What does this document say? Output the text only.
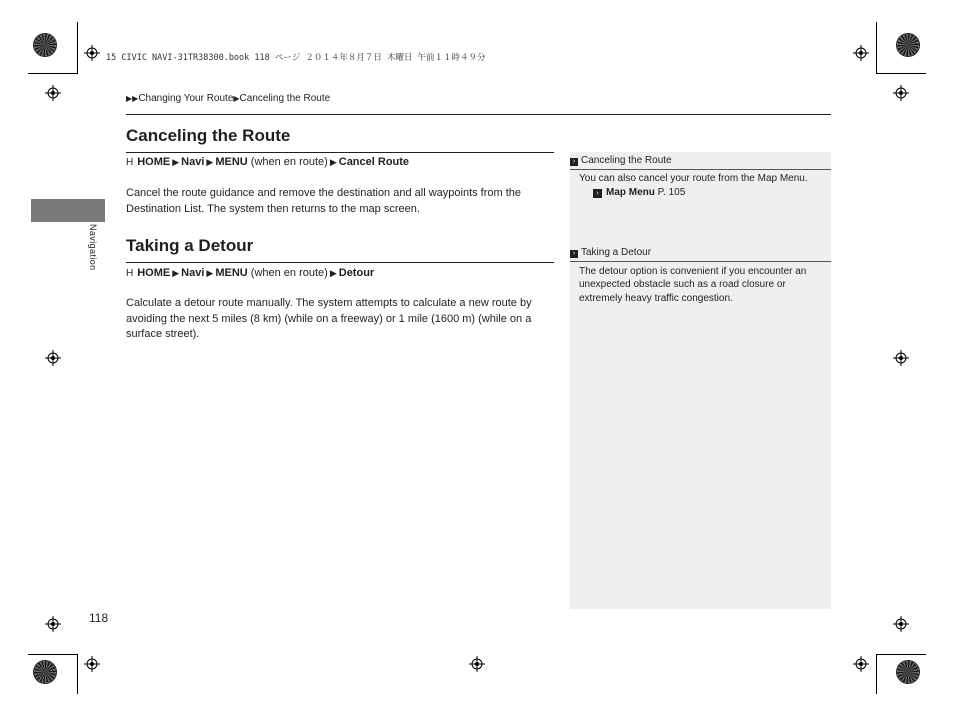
15 CIVIC NAVI-31TR38300.book 118 ページ ２０１４年８月７日 木曜日 午前１１時４９分
▶▶Changing Your Route▶Canceling the Route
Navigation
Canceling the Route
H HOME ▶ Navi ▶ MENU (when en route) ▶ Cancel Route
Cancel the route guidance and remove the destination and all waypoints from the Destination List. The system then returns to the map screen.
Taking a Detour
H HOME ▶ Navi ▶ MENU (when en route) ▶ Detour
Calculate a detour route manually. The system attempts to calculate a new route by avoiding the next 5 miles (8 km) (while on a freeway) or 1 mile (1600 m) (while on a surface street).
› Canceling the Route
You can also cancel your route from the Map Menu.
› Map Menu P. 105
› Taking a Detour
The detour option is convenient if you encounter an unexpected obstacle such as a road closure or extremely heavy traffic congestion.
118
